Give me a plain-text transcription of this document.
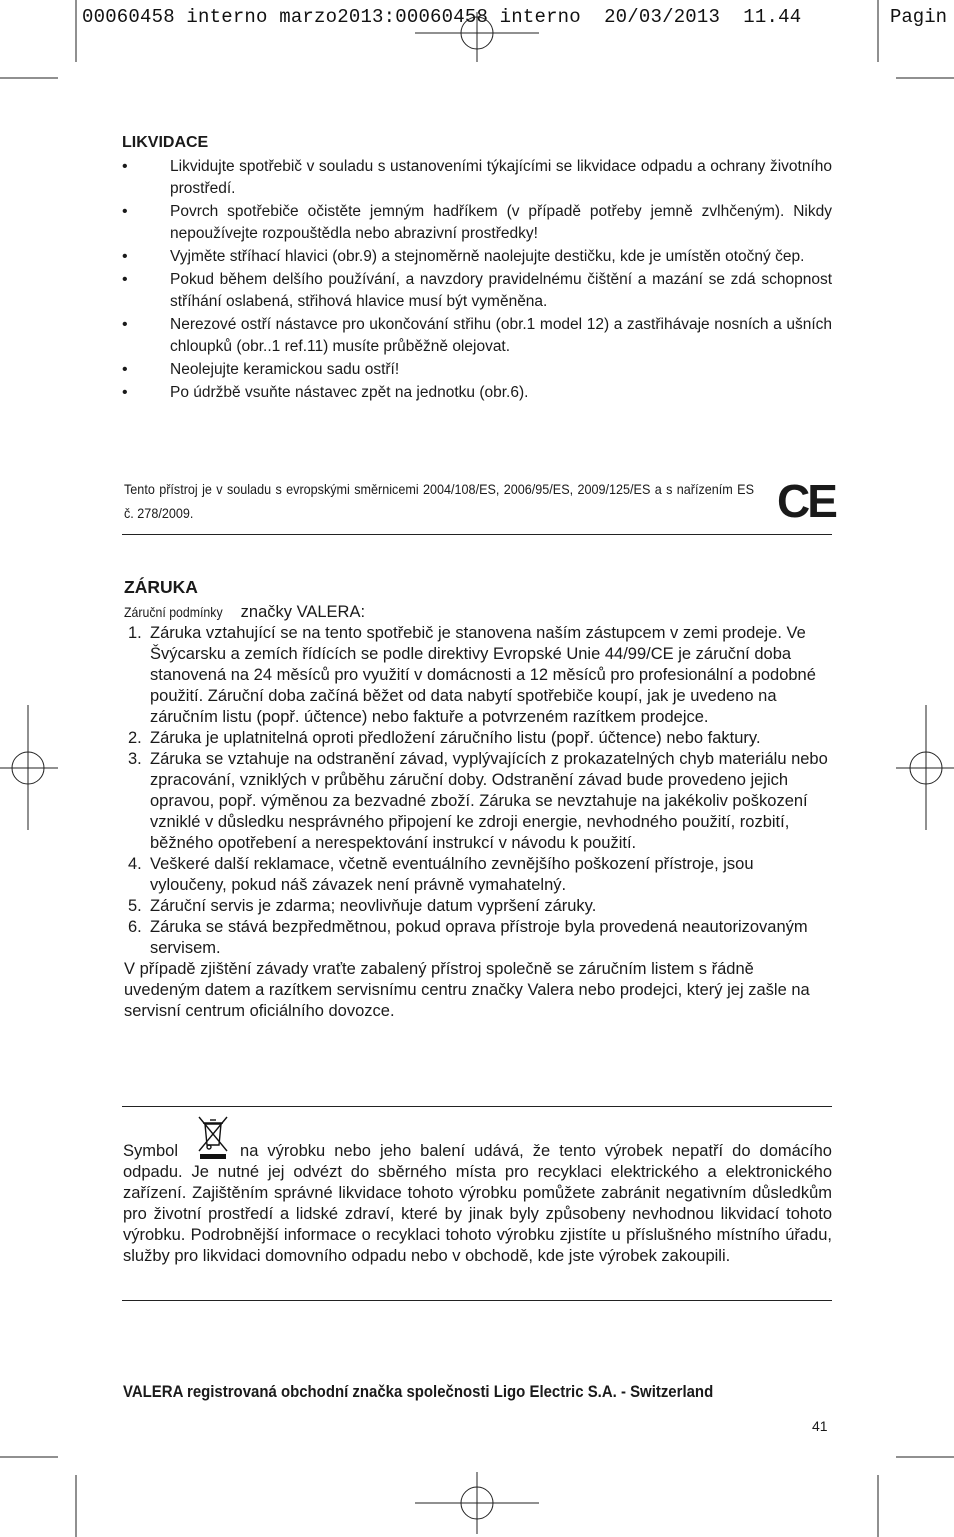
00060458 interno marzo2013:00060458 interno  20/03/2013  11.44	Pagin
LIKVIDACE
• Likvidujte spotřebič v souladu s ustanoveními týkajícími se likvidace odpadu a ochrany životního prostředí.
• Povrch spotřebiče očistěte jemným hadříkem (v případě potřeby jemně zvlhčeným). Nikdy nepoužívejte rozpouštědla nebo abrazivní prostředky!
• Vyjměte stříhací hlavici (obr.9) a stejnoměrně naolejujte destičku, kde je umístěn otočný čep.
• Pokud během delšího používání, a navzdory pravidelnému čištění a mazání se zdá schopnost stříhání oslabená, střihová hlavice musí být vyměněna.
• Nerezové ostří nástavce pro ukončování střihu (obr.1 model 12) a zastřihávaje nosních a ušních chloupků (obr..1 ref.11) musíte průběžně olejovat.
• Neolejujte keramickou sadu ostří!
• Po údržbě vsuňte nástavec zpět na jednotku (obr.6).
Tento přístroj je v souladu s evropskými směrnicemi 2004/108/ES, 2006/95/ES, 2009/125/ES a s nařízením ES č. 278/2009.	CE
ZÁRUKA
Záruční podmínky značky VALERA:
1. Záruka vztahující se na tento spotřebič je stanovena naším zástupcem v zemi prodeje. Ve Švýcarsku a zemích řídících se podle direktivy Evropské Unie 44/99/CE je záruční doba stanovená na 24 měsíců pro využití v domácnosti a 12 měsíců pro profesionální a podobné použití. Záruční doba začíná běžet od data nabytí spotřebiče koupí, jak je uvedeno na záručním listu (popř. účtence) nebo faktuře a potvrzeném razítkem prodejce.
2. Záruka je uplatnitelná oproti předložení záručního listu (popř. účtence) nebo faktury.
3. Záruka se vztahuje na odstranění závad, vyplývajících z prokazatelných chyb materiálu nebo zpracování, vzniklých v průběhu záruční doby. Odstranění závad bude provedeno jejich opravou, popř. výměnou za bezvadné zboží. Záruka se nevztahuje na jakékoliv poškození vzniklé v důsledku nesprávného připojení ke zdroji energie, nevhodného použití, rozbití, běžného opotřebení a nerespektování instrukcí v návodu k použití.
4. Veškeré další reklamace, včetně eventuálního zevnějšího poškození přístroje, jsou vyloučeny, pokud náš závazek není právně vymahatelný.
5. Záruční servis je zdarma; neovlivňuje datum vypršení záruky.
6. Záruka se stává bezpředmětnou, pokud oprava přístroje byla provedená neautorizovaným servisem.
V případě zjištění závady vraťte zabalený přístroj společně se záručním listem s řádně uvedeným datem a razítkem servisnímu centru značky Valera nebo prodejci, který jej zašle na servisní centrum oficiálního dovozce.
Symbol	na výrobku nebo jeho balení udává, že tento výrobek nepatří do domácího odpadu. Je nutné jej odvézt do sběrného místa pro recyklaci elektrického a elektronického zařízení. Zajištěním správné likvidace tohoto výrobku pomůžete zabránit negativním důsledkům pro životní prostředí a lidské zdraví, které by jinak byly způsobeny nevhodnou likvidací tohoto výrobku. Podrobnější informace o recyklaci tohoto výrobku zjistíte u příslušného místního úřadu, služby pro likvidaci domovního odpadu nebo v obchodě, kde jste výrobek zakoupili.
VALERA registrovaná obchodní značka společnosti Ligo Electric S.A. - Switzerland
41
